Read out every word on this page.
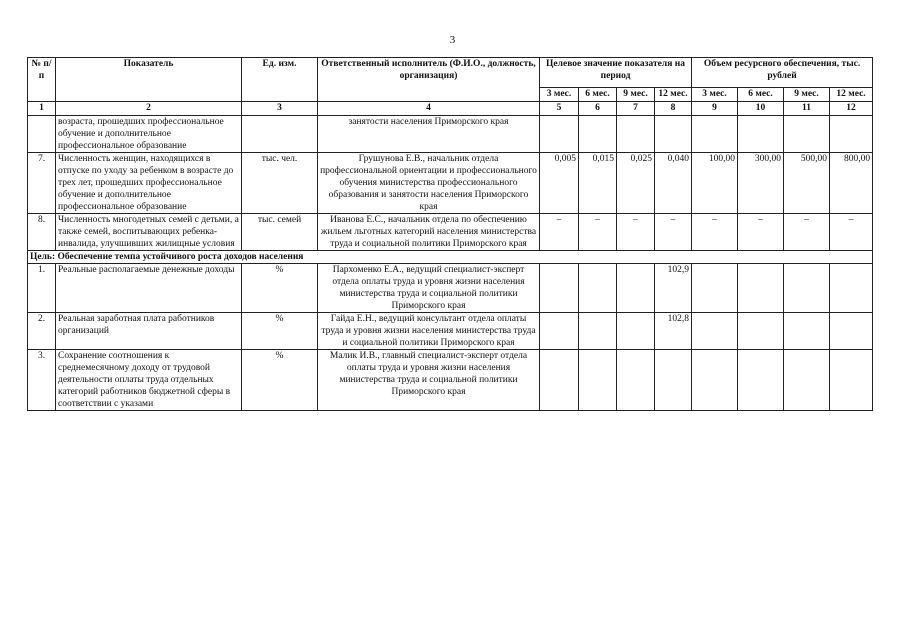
3
№ п/п	Показатель	Ед. изм.	Ответственный исполнитель (Ф.И.О., должность, организация)	Целевое значение показателя на период				Объем ресурсного обеспечения, тыс. рублей			
				3 мес.	6 мес.	9 мес.	12 мес.	3 мес.	6 мес.	9 мес.	12 мес.
1	2	3	4	5	6	7	8	9	10	11	12
	возраста, прошедших профессиональное обучение и дополнительное профессиональное образование		занятости населения Приморского края								
7.	Численность женщин, находящихся в отпуске по уходу за ребенком в возрасте до трех лет, прошедших профессиональное обучение и дополнительное профессиональное образование	тыс. чел.	Грушунова Е.В., начальник отдела профессиональной ориентации и профессионального обучения министерства профессионального образования и занятости населения Приморского края	0,005	0,015	0,025	0,040	100,00	300,00	500,00	800,00
8.	Численность многодетных семей с детьми, а также семей, воспитывающих ребенка-инвалида, улучшивших жилищные условия	тыс. семей	Иванова Е.С., начальник отдела по обеспечению жильем льготных категорий населения министерства труда и социальной политики Приморского края	–	–	–	–	–	–	–	–
Цель: Обеспечение темпа устойчивого роста доходов населения											
1.	Реальные располагаемые денежные доходы	%	Пархоменко Е.А., ведущий специалист-эксперт отдела оплаты труда и уровня жизни населения министерства труда и социальной политики Приморского края				102,9				
2.	Реальная заработная плата работников организаций	%	Гайда Е.Н., ведущий консультант отдела оплаты труда и уровня жизни населения министерства труда и социальной политики Приморского края				102,8				
3.	Сохранение соотношения к среднемесячному доходу от трудовой деятельности оплаты труда отдельных категорий работников бюджетной сферы в соответствии с указами	%	Малик И.В., главный специалист-эксперт отдела оплаты труда и уровня жизни населения министерства труда и социальной политики Приморского края								
